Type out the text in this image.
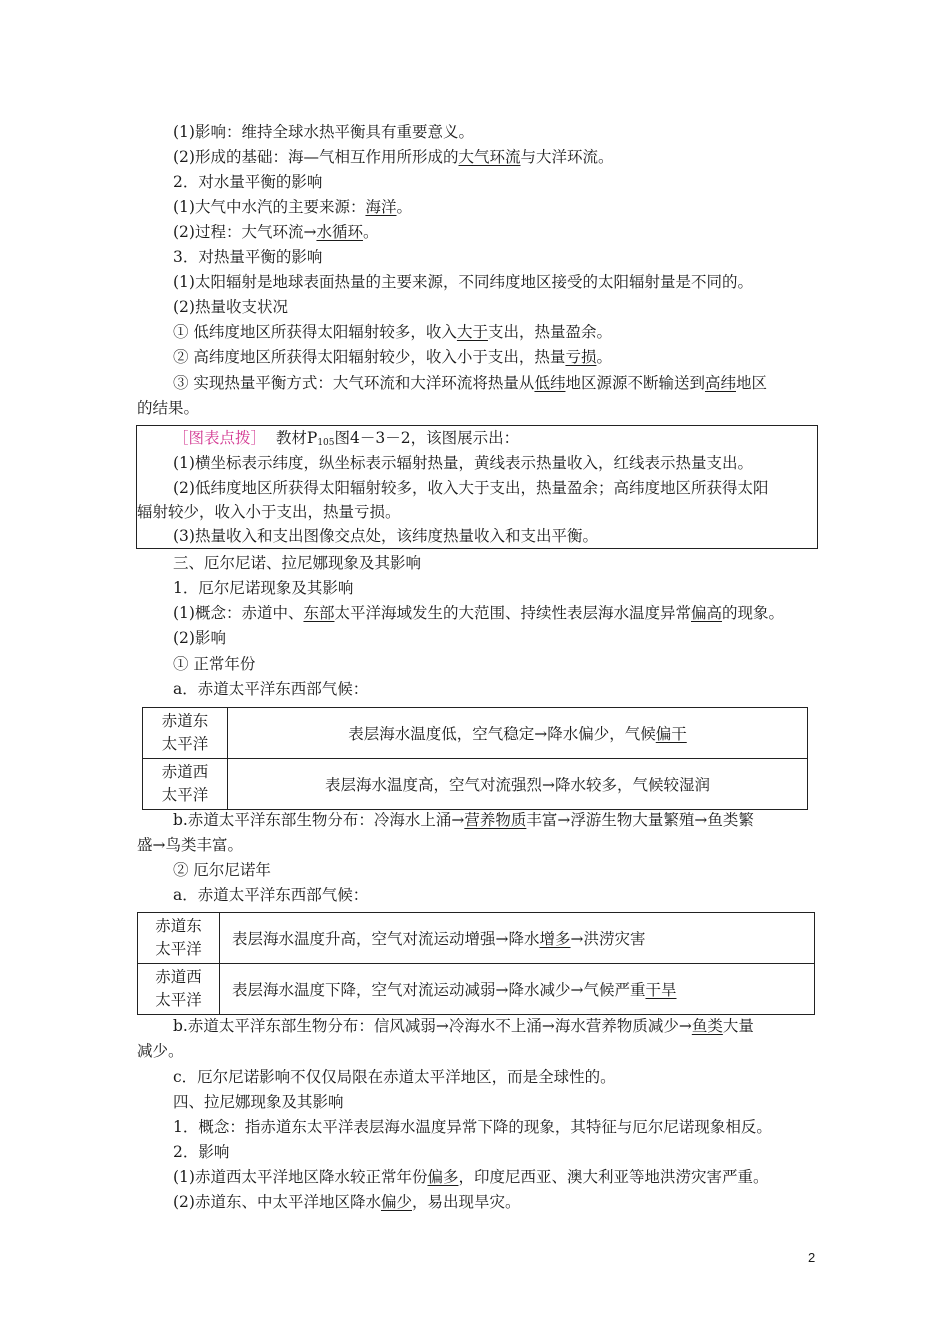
(1)影响：维持全球水热平衡具有重要意义。
(2)形成的基础：海—气相互作用所形成的大气环流与大洋环流。
2．对水量平衡的影响
(1)大气中水汽的主要来源：海洋。
(2)过程：大气环流→水循环。
3．对热量平衡的影响
(1)太阳辐射是地球表面热量的主要来源，不同纬度地区接受的太阳辐射量是不同的。
(2)热量收支状况
① 低纬度地区所获得太阳辐射较多，收入大于支出，热量盈余。
② 高纬度地区所获得太阳辐射较少，收入小于支出，热量亏损。
③ 实现热量平衡方式：大气环流和大洋环流将热量从低纬地区源源不断输送到高纬地区
的结果。
［图表点拨］ 教材$P_{105}$图4－3－2，该图展示出：
(1)横坐标表示纬度，纵坐标表示辐射热量，黄线表示热量收入，红线表示热量支出。
(2)低纬度地区所获得太阳辐射较多，收入大于支出，热量盈余；高纬度地区所获得太阳
辐射较少，收入小于支出，热量亏损。
(3)热量收入和支出图像交点处，该纬度热量收入和支出平衡。
三、厄尔尼诺、拉尼娜现象及其影响
1．厄尔尼诺现象及其影响
(1)概念：赤道中、东部太平洋海域发生的大范围、持续性表层海水温度异常偏高的现象。
(2)影响
① 正常年份
a．赤道太平洋东西部气候：
赤道东
太平洋	表层海水温度低，空气稳定→降水偏少，气候偏干
赤道西
太平洋	表层海水温度高，空气对流强烈→降水较多，气候较湿润
b.赤道太平洋东部生物分布：冷海水上涌→营养物质丰富→浮游生物大量繁殖→鱼类繁
盛→鸟类丰富。
② 厄尔尼诺年
a．赤道太平洋东西部气候：
赤道东
太平洋	表层海水温度升高，空气对流运动增强→降水增多→洪涝灾害
赤道西
太平洋	表层海水温度下降，空气对流运动减弱→降水减少→气候严重干旱
b.赤道太平洋东部生物分布：信风减弱→冷海水不上涌→海水营养物质减少→鱼类大量
减少。
c．厄尔尼诺影响不仅仅局限在赤道太平洋地区，而是全球性的。
四、拉尼娜现象及其影响
1．概念：指赤道东太平洋表层海水温度异常下降的现象，其特征与厄尔尼诺现象相反。
2．影响
(1)赤道西太平洋地区降水较正常年份偏多，印度尼西亚、澳大利亚等地洪涝灾害严重。
(2)赤道东、中太平洋地区降水偏少，易出现旱灾。
2
